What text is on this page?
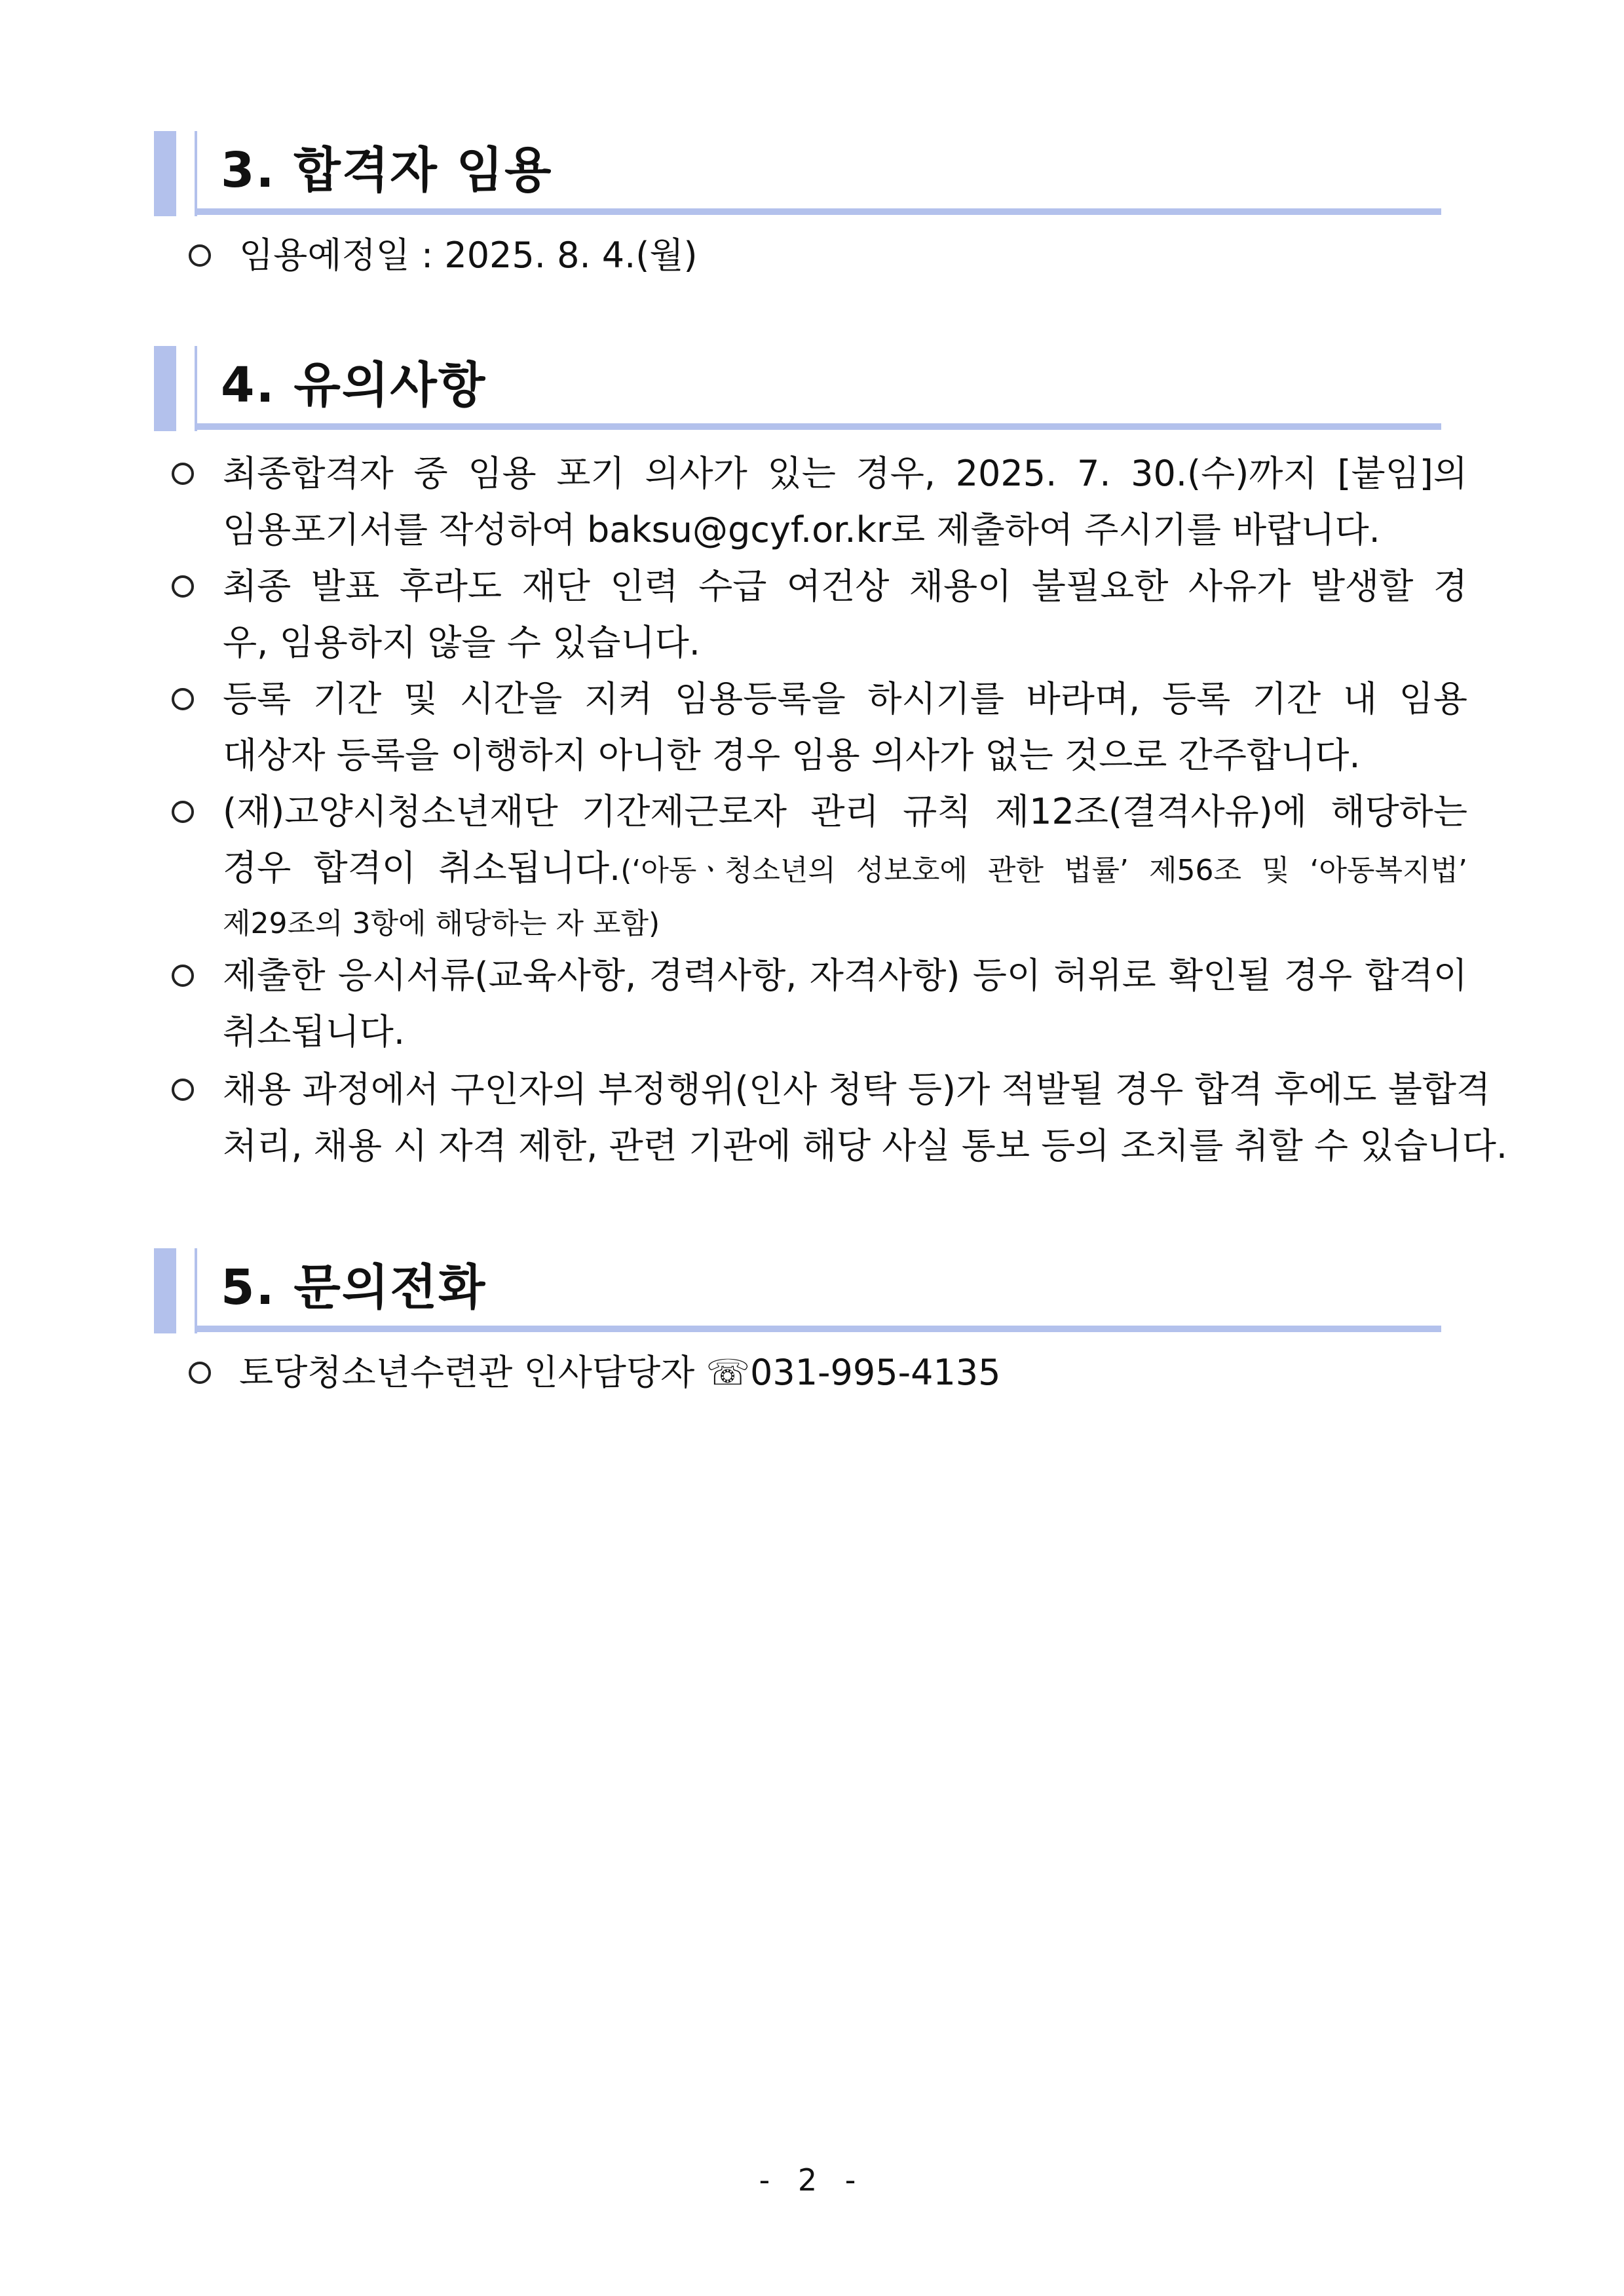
3. 합격자 임용
임용예정일 : 2025. 8. 4.(월)
4. 유의사항
최종합격자 중 임용 포기 의사가 있는 경우, 2025. 7. 30.(수)까지 [붙임]의
임용포기서를 작성하여 baksu@gcyf.or.kr로 제출하여 주시기를 바랍니다.
최종 발표 후라도 재단 인력 수급 여건상 채용이 불필요한 사유가 발생할 경
우, 임용하지 않을 수 있습니다.
등록 기간 및 시간을 지켜 임용등록을 하시기를 바라며, 등록 기간 내 임용
대상자 등록을 이행하지 아니한 경우 임용 의사가 없는 것으로 간주합니다.
(재)고양시청소년재단 기간제근로자 관리 규칙 제12조(결격사유)에 해당하는
경우 합격이 취소됩니다.(‘아동ㆍ청소년의 성보호에 관한 법률’ 제56조 및 ‘아동복지법’
제29조의 3항에 해당하는 자 포함)
제출한 응시서류(교육사항, 경력사항, 자격사항) 등이 허위로 확인될 경우 합격이
취소됩니다.
채용 과정에서 구인자의 부정행위(인사 청탁 등)가 적발될 경우 합격 후에도 불합격
처리, 채용 시 자격 제한, 관련 기관에 해당 사실 통보 등의 조치를 취할 수 있습니다.
5. 문의전화
토당청소년수련관 인사담당자 ☏031-995-4135
- 2 -
